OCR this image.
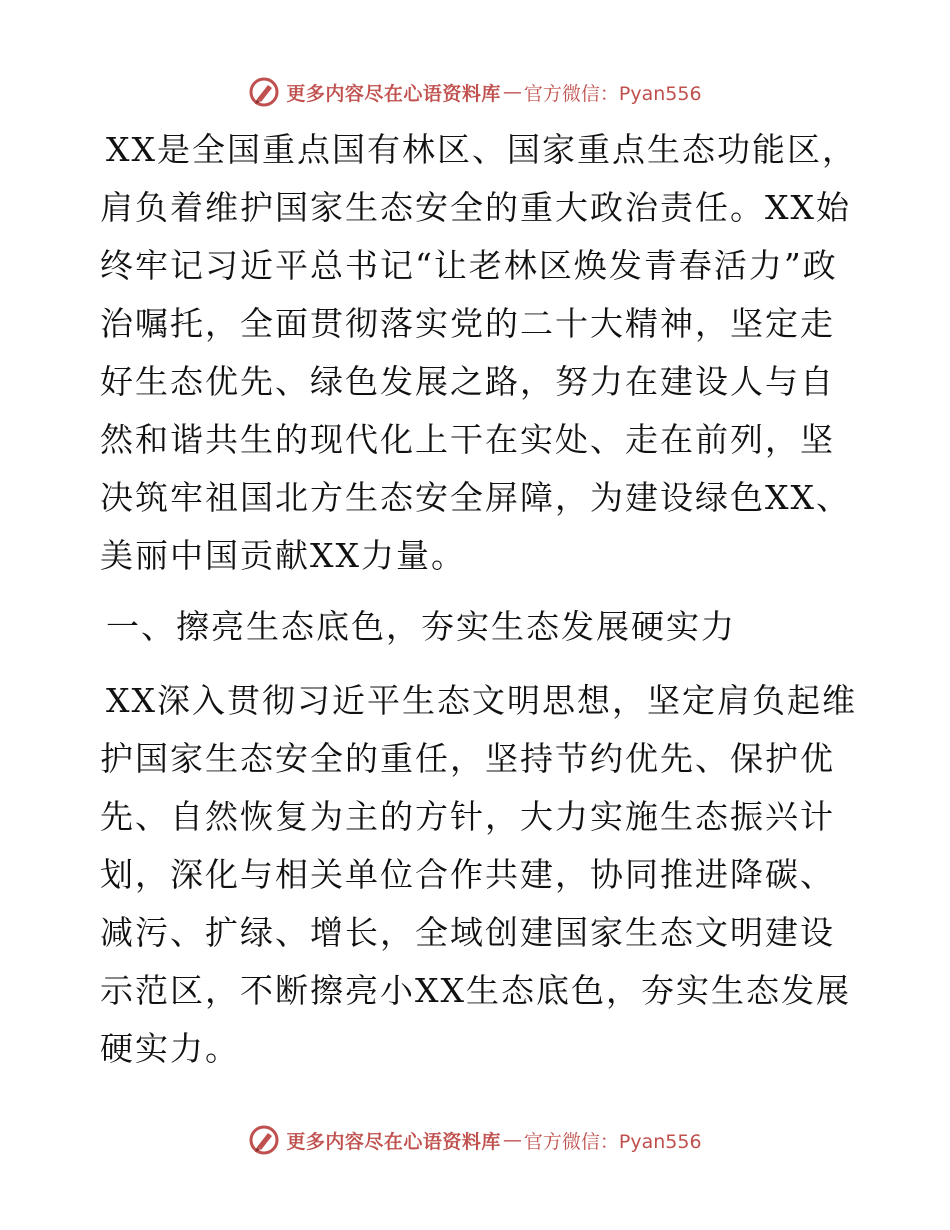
更多内容尽在心语资料库 — 官方微信：Pyan556

XX是全国重点国有林区、国家重点生态功能区，肩负着维护国家生态安全的重大政治责任。XX始终牢记习近平总书记“让老林区焕发青春活力”政治嘱托，全面贯彻落实党的二十大精神，坚定走好生态优先、绿色发展之路，努力在建设人与自然和谐共生的现代化上干在实处、走在前列，坚决筑牢祖国北方生态安全屏障，为建设绿色XX、美丽中国贡献XX力量。

一、擦亮生态底色，夯实生态发展硬实力

XX深入贯彻习近平生态文明思想，坚定肩负起维护国家生态安全的重任，坚持节约优先、保护优先、自然恢复为主的方针，大力实施生态振兴计划，深化与相关单位合作共建，协同推进降碳、减污、扩绿、增长，全域创建国家生态文明建设示范区，不断擦亮小XX生态底色，夯实生态发展硬实力。

更多内容尽在心语资料库 — 官方微信：Pyan556
